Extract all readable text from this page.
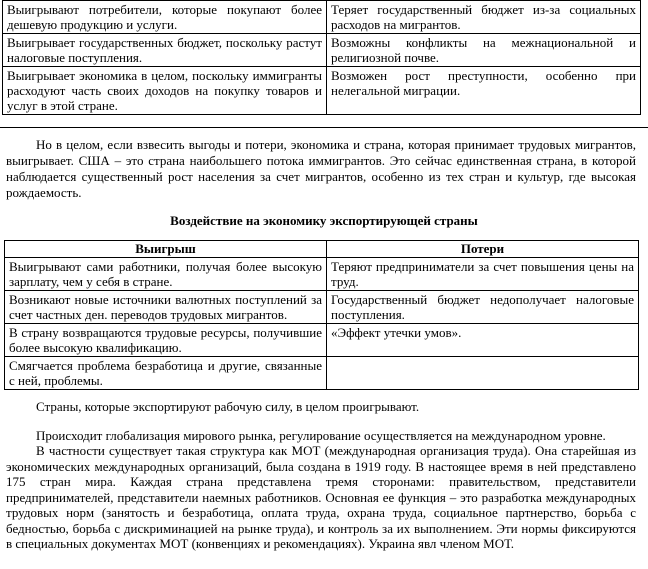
Выигрывают потребители, которые покупают более дешевую продукцию и услуги.	Теряет государственный бюджет из-за социальных расходов на мигрантов.
Выигрывает государственных бюджет, поскольку растут налоговые поступления.	Возможны конфликты на межнациональной и религиозной почве.
Выигрывает экономика в целом, поскольку иммигранты расходуют часть своих доходов на покупку товаров и услуг в этой стране.	Возможен рост преступности, особенно при нелегальной миграции.

Но в целом, если взвесить выгоды и потери, экономика и страна, которая принимает трудовых мигрантов, выигрывает. США – это страна наибольшего потока иммигрантов. Это сейчас единственная страна, в которой наблюдается существенный рост населения за счет мигрантов, особенно из тех стран и культур, где высокая рождаемость.

Воздействие на экономику экспортирующей страны

Выигрыш	Потери
Выигрывают сами работники, получая более высокую зарплату, чем у себя в стране.	Теряют предприниматели за счет повышения цены на труд.
Возникают новые источники валютных поступлений за счет частных ден. переводов трудовых мигрантов.	Государственный бюджет недополучает налоговые поступления.
В страну возвращаются трудовые ресурсы, получившие более высокую квалификацию.	«Эффект утечки умов».
Смягчается проблема безработица и другие, связанные с ней, проблемы.	

Страны, которые экспортируют рабочую силу, в целом проигрывают.

Происходит глобализация мирового рынка, регулирование осуществляется на международном уровне.

В частности существует такая структура как МОТ (международная организация труда). Она старейшая из экономических международных организаций, была создана в 1919 году. В настоящее время в ней представлено 175 стран мира. Каждая страна представлена тремя сторонами: правительством, представители предпринимателей, представители наемных работников. Основная ее функция – это разработка международных трудовых норм (занятость и безработица, оплата труда, охрана труда, социальное партнерство, борьба с бедностью, борьба с дискриминацией на рынке труда), и контроль за их выполнением. Эти нормы фиксируются в специальных документах МОТ (конвенциях и рекомендациях). Украина явл членом МОТ.
